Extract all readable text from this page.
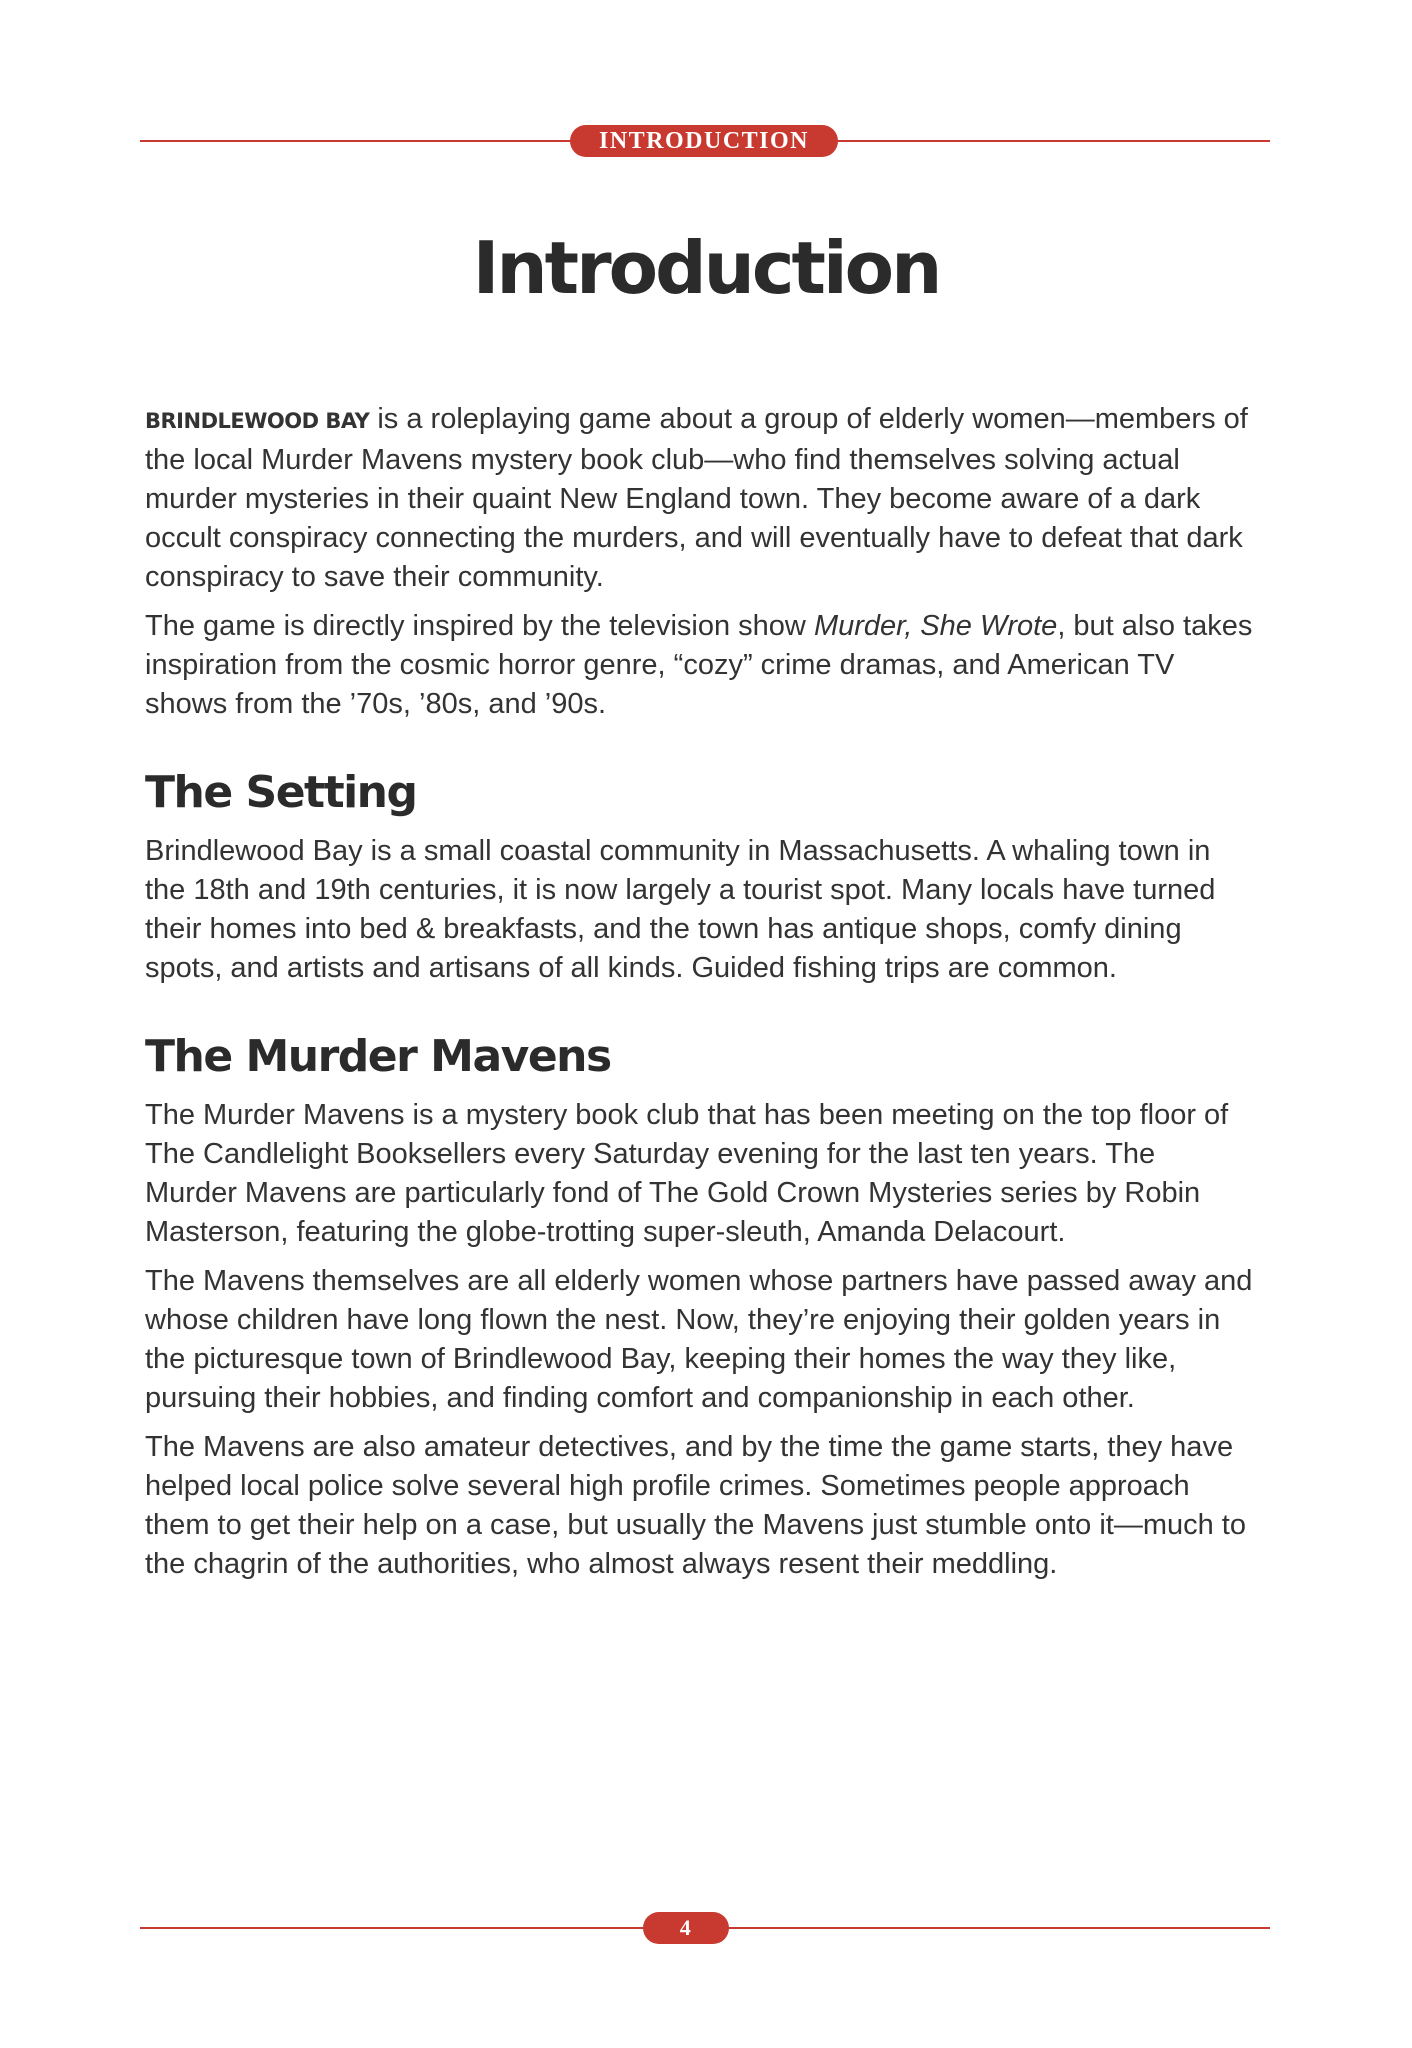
INTRODUCTION
Introduction

BRINDLEWOOD BAY is a roleplaying game about a group of elderly women—members of the local Murder Mavens mystery book club—who find themselves solving actual murder mysteries in their quaint New England town. They become aware of a dark occult conspiracy connecting the murders, and will eventually have to defeat that dark conspiracy to save their community.

The game is directly inspired by the television show Murder, She Wrote, but also takes inspiration from the cosmic horror genre, “cozy” crime dramas, and American TV shows from the ’70s, ’80s, and ’90s.

The Setting

Brindlewood Bay is a small coastal community in Massachusetts. A whaling town in the 18th and 19th centuries, it is now largely a tourist spot. Many locals have turned their homes into bed & breakfasts, and the town has antique shops, comfy dining spots, and artists and artisans of all kinds. Guided fishing trips are common.

The Murder Mavens

The Murder Mavens is a mystery book club that has been meeting on the top floor of The Candlelight Booksellers every Saturday evening for the last ten years. The Murder Mavens are particularly fond of The Gold Crown Mysteries series by Robin Masterson, featuring the globe-trotting super-sleuth, Amanda Delacourt.

The Mavens themselves are all elderly women whose partners have passed away and whose children have long flown the nest. Now, they’re enjoying their golden years in the picturesque town of Brindlewood Bay, keeping their homes the way they like, pursuing their hobbies, and finding comfort and companionship in each other.

The Mavens are also amateur detectives, and by the time the game starts, they have helped local police solve several high profile crimes. Sometimes people approach them to get their help on a case, but usually the Mavens just stumble onto it—much to the chagrin of the authorities, who almost always resent their meddling.

4
